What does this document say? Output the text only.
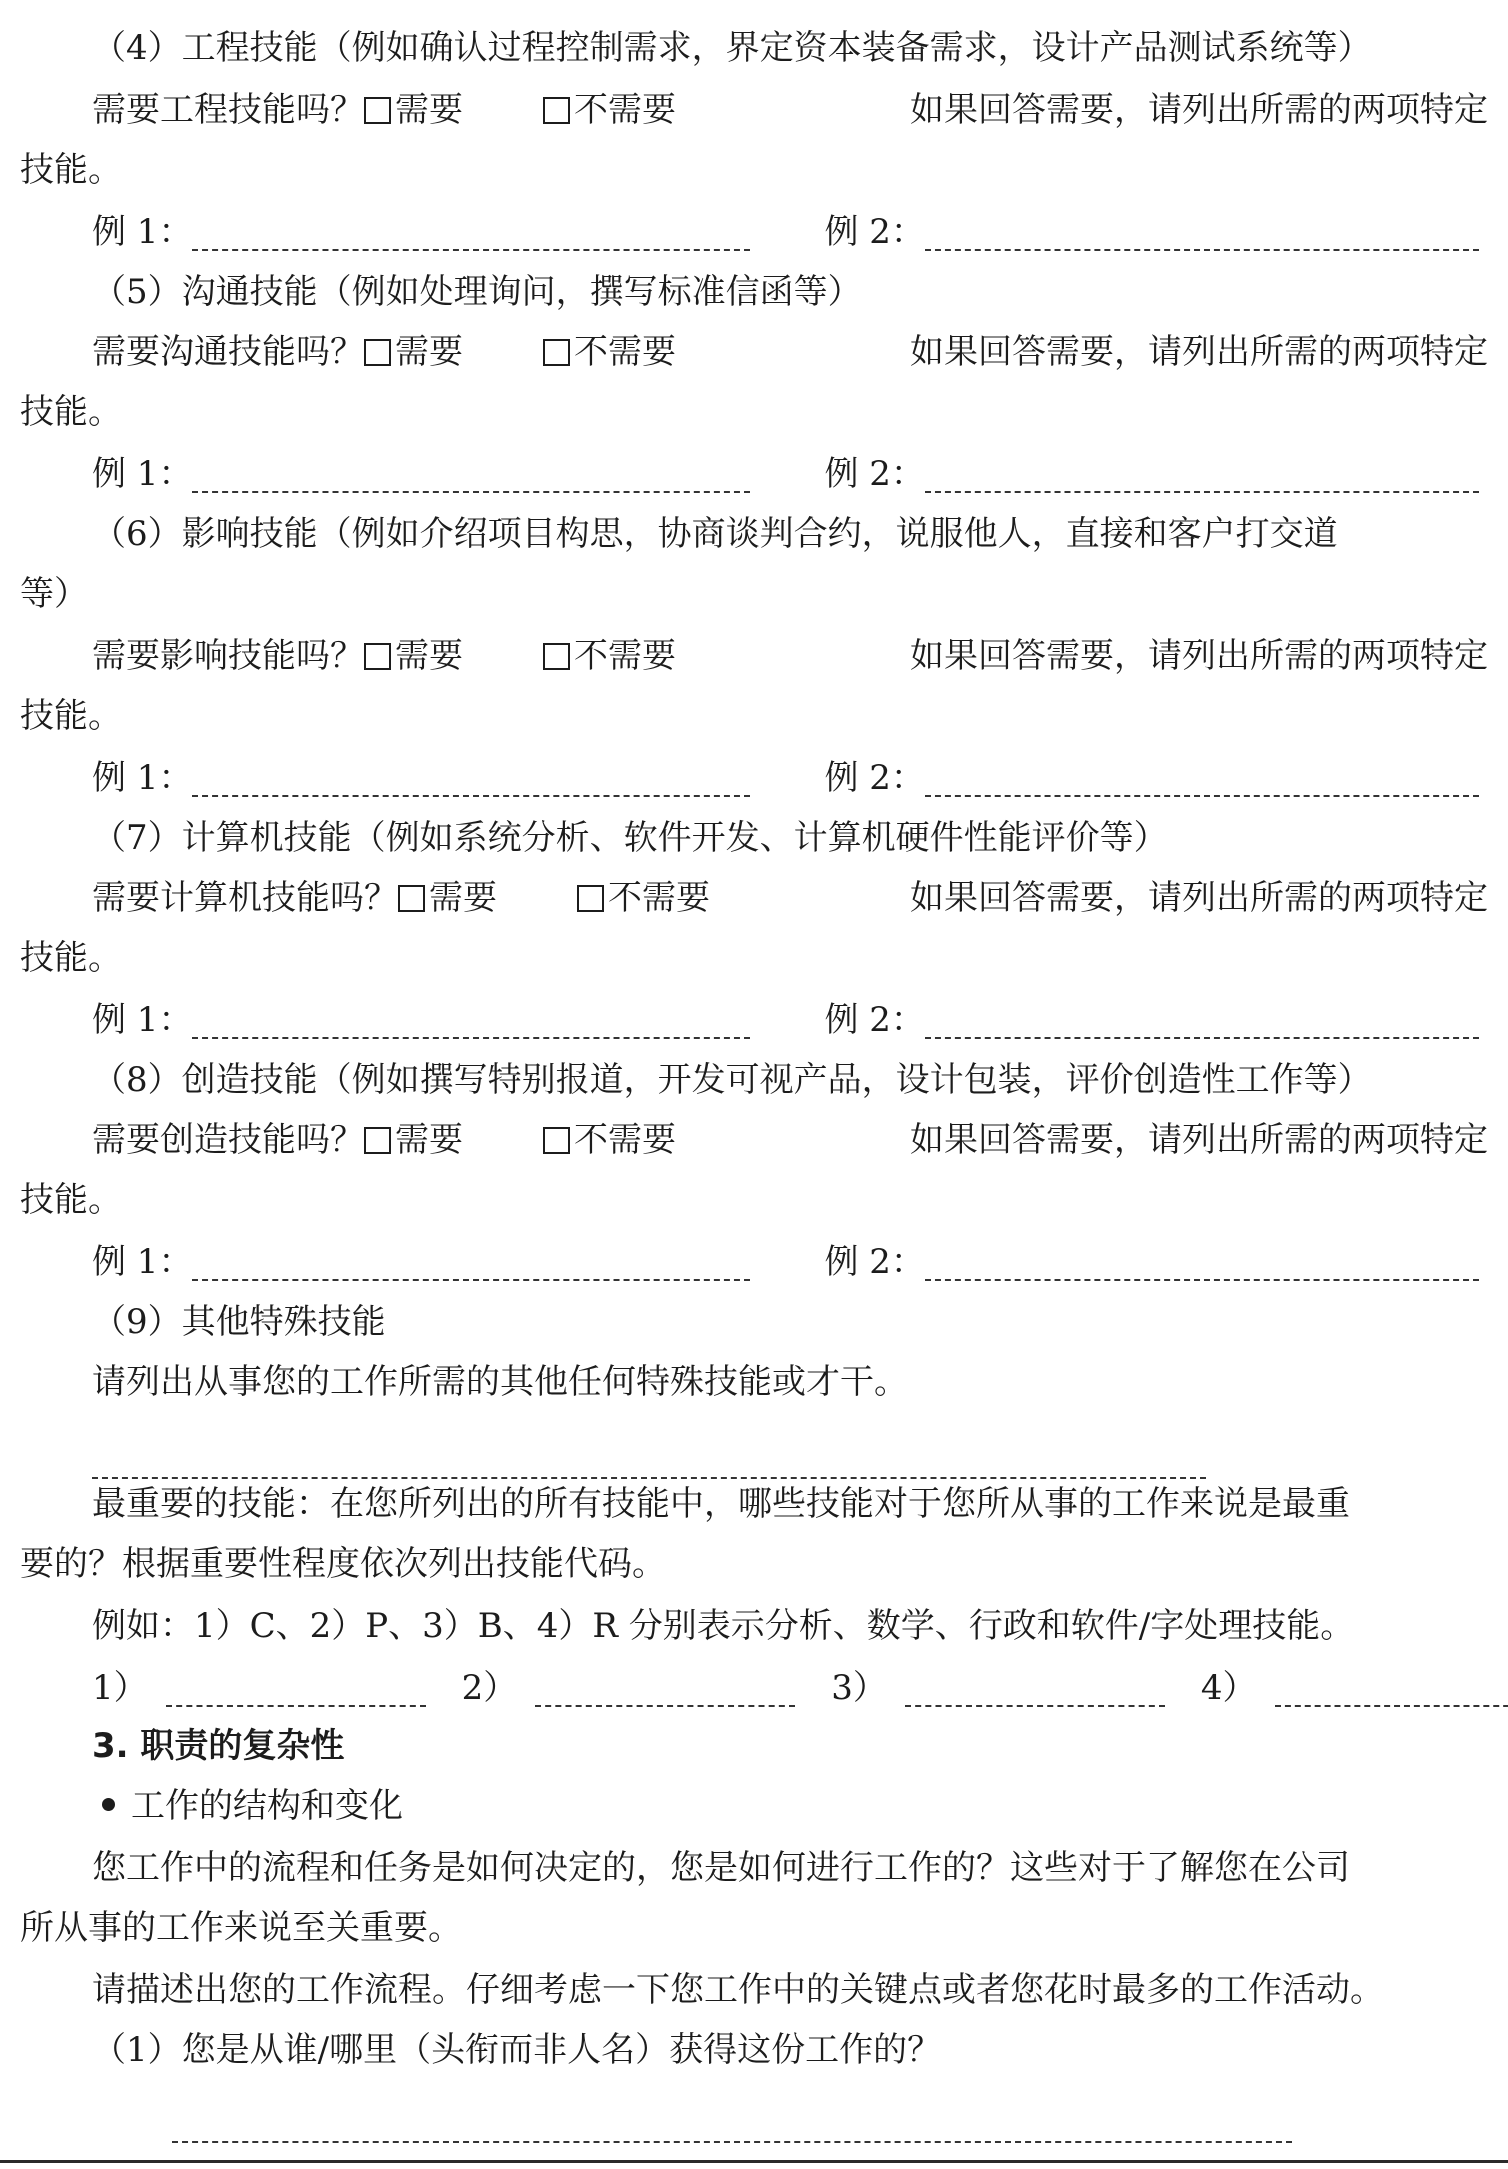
（4）工程技能（例如确认过程控制需求，界定资本装备需求，设计产品测试系统等）
需要工程技能吗？ 需要	不需要	如果回答需要，请列出所需的两项特定
技能。
例 1：	例 2：
（5）沟通技能（例如处理询问，撰写标准信函等）
需要沟通技能吗？ 需要	不需要	如果回答需要，请列出所需的两项特定
技能。
例 1：	例 2：
（6）影响技能（例如介绍项目构思，协商谈判合约，说服他人，直接和客户打交道
等）
需要影响技能吗？ 需要	不需要	如果回答需要，请列出所需的两项特定
技能。
例 1：	例 2：
（7）计算机技能（例如系统分析、软件开发、计算机硬件性能评价等）
需要计算机技能吗？ 需要	不需要	如果回答需要，请列出所需的两项特定
技能。
例 1：	例 2：
（8）创造技能（例如撰写特别报道，开发可视产品，设计包装，评价创造性工作等）
需要创造技能吗？ 需要	不需要	如果回答需要，请列出所需的两项特定
技能。
例 1：	例 2：
（9）其他特殊技能
请列出从事您的工作所需的其他任何特殊技能或才干。
最重要的技能：在您所列出的所有技能中，哪些技能对于您所从事的工作来说是最重
要的？根据重要性程度依次列出技能代码。
例如：1）C、2）P、3）B、4）R 分别表示分析、数学、行政和软件/字处理技能。
1）	2）	3）	4）
3. 职责的复杂性
工作的结构和变化
您工作中的流程和任务是如何决定的，您是如何进行工作的？这些对于了解您在公司
所从事的工作来说至关重要。
请描述出您的工作流程。仔细考虑一下您工作中的关键点或者您花时最多的工作活动。
（1）您是从谁/哪里（头衔而非人名）获得这份工作的？
